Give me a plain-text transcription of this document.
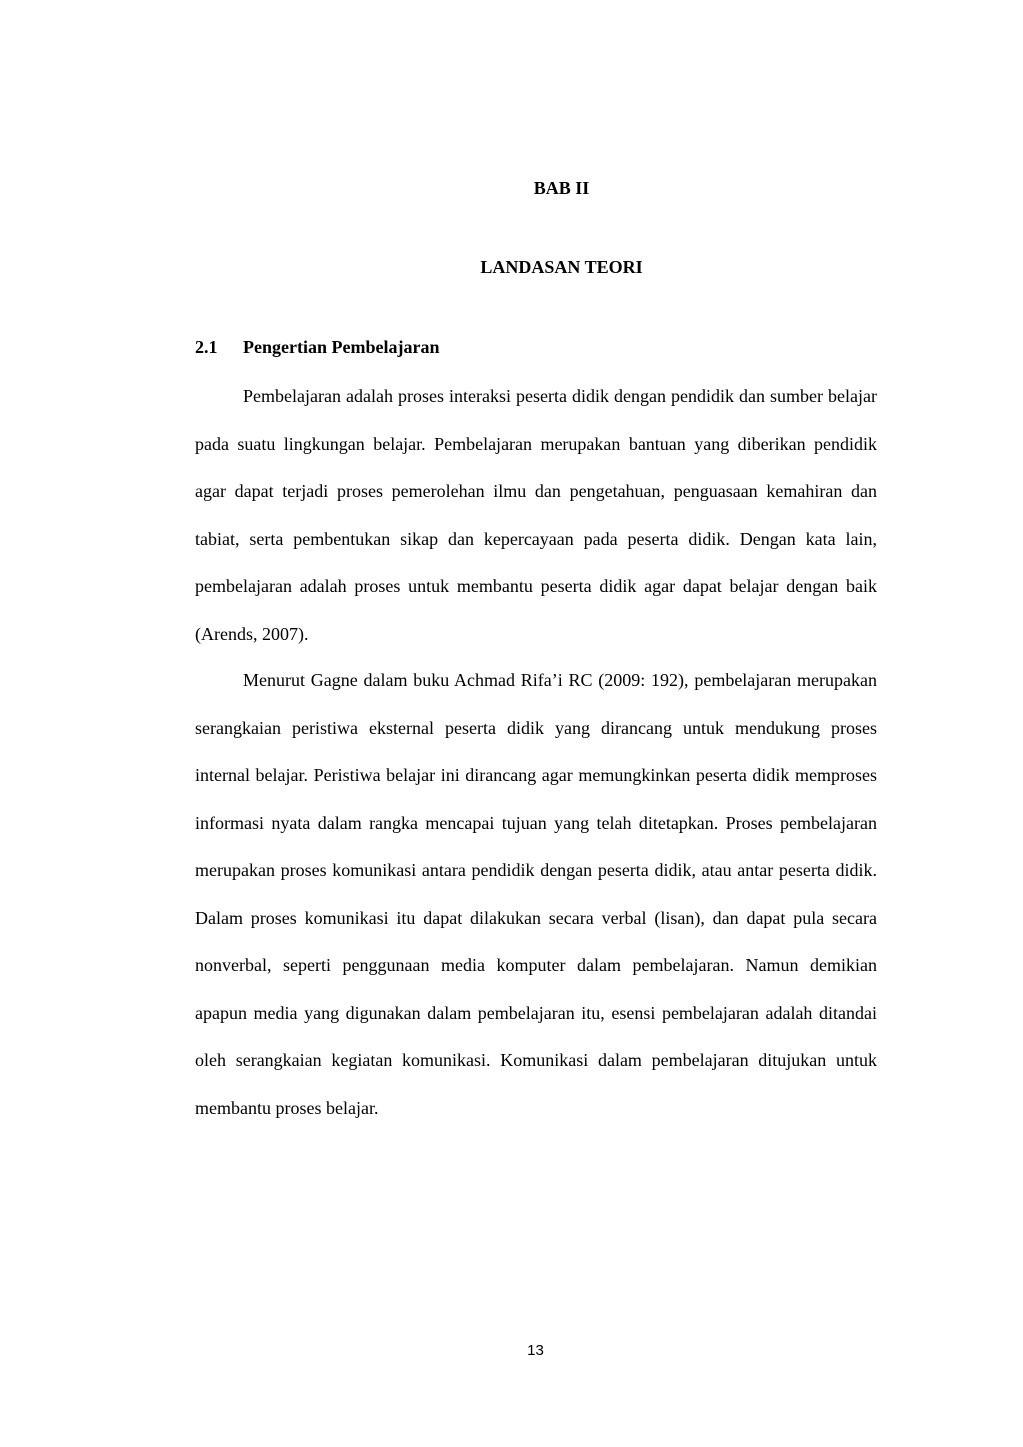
BAB II
LANDASAN TEORI
2.1 Pengertian Pembelajaran

Pembelajaran adalah proses interaksi peserta didik dengan pendidik dan sumber belajar pada suatu lingkungan belajar. Pembelajaran merupakan bantuan yang diberikan pendidik agar dapat terjadi proses pemerolehan ilmu dan pengetahuan, penguasaan kemahiran dan tabiat, serta pembentukan sikap dan kepercayaan pada peserta didik. Dengan kata lain, pembelajaran adalah proses untuk membantu peserta didik agar dapat belajar dengan baik (Arends, 2007).

Menurut Gagne dalam buku Achmad Rifa’i RC (2009: 192), pembelajaran merupakan serangkaian peristiwa eksternal peserta didik yang dirancang untuk mendukung proses internal belajar. Peristiwa belajar ini dirancang agar memungkinkan peserta didik memproses informasi nyata dalam rangka mencapai tujuan yang telah ditetapkan. Proses pembelajaran merupakan proses komunikasi antara pendidik dengan peserta didik, atau antar peserta didik. Dalam proses komunikasi itu dapat dilakukan secara verbal (lisan), dan dapat pula secara nonverbal, seperti penggunaan media komputer dalam pembelajaran. Namun demikian apapun media yang digunakan dalam pembelajaran itu, esensi pembelajaran adalah ditandai oleh serangkaian kegiatan komunikasi. Komunikasi dalam pembelajaran ditujukan untuk membantu proses belajar.

13
